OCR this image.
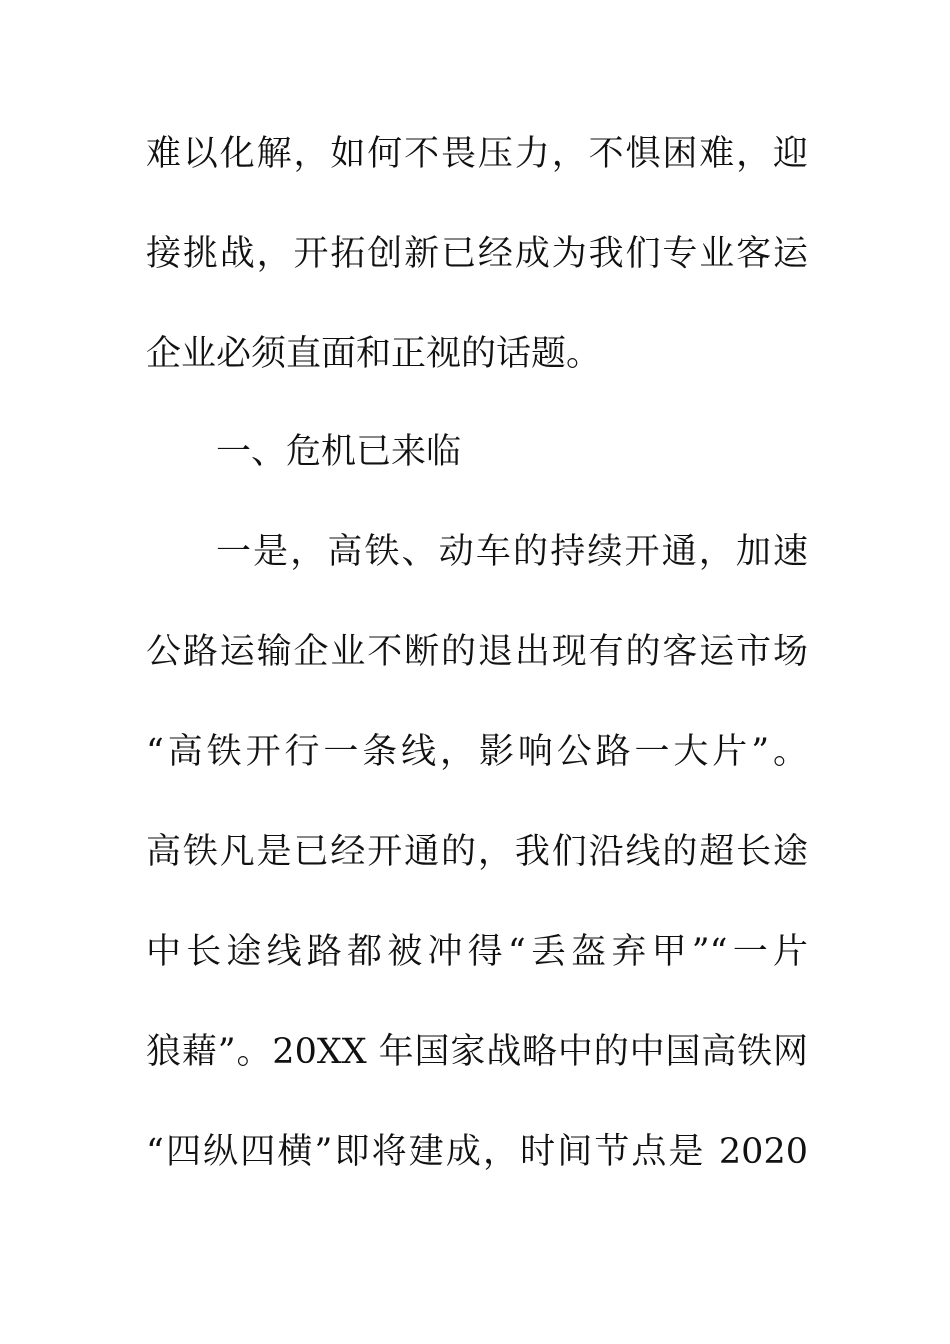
难以化解，如何不畏压力，不惧困难，迎
接挑战，开拓创新已经成为我们专业客运
企业必须直面和正视的话题。
一、危机已来临
一是，高铁、动车的持续开通，加速
公路运输企业不断的退出现有的客运市场
“高铁开行一条线，影响公路一大片”。
高铁凡是已经开通的，我们沿线的超长途
中长途线路都被冲得“丢盔弃甲”“一片
狼藉”。20XX 年国家战略中的中国高铁网
“四纵四横”即将建成，时间节点是 2020
